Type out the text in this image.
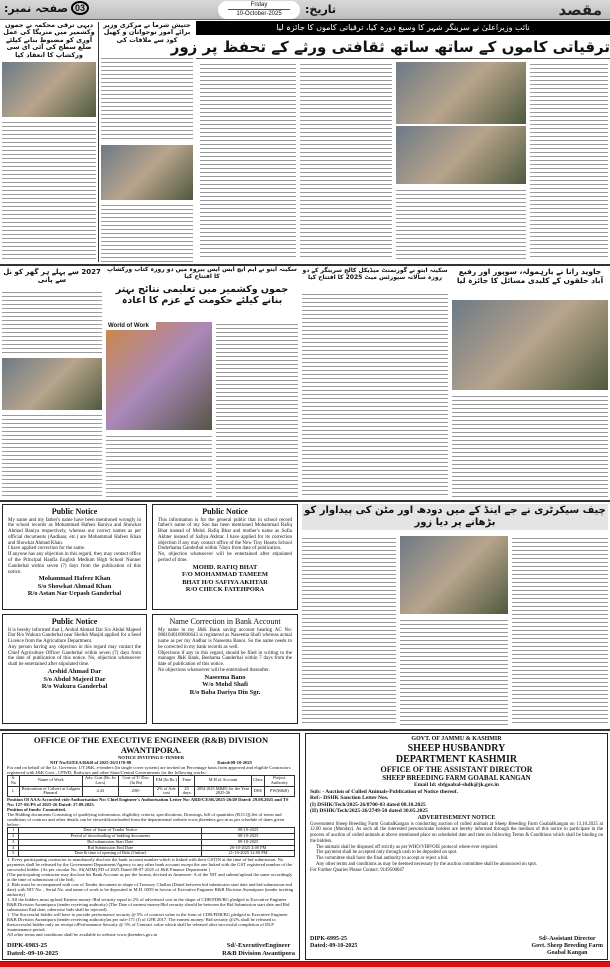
مقصد
تاریخ:
Friday
10-October-2025
03
صفحہ نمبر:
نائب وزیراعلیٰ نے سرینگر شہر کا وسیع دورہ کیا، ترقیاتی کاموں کا جائزہ لیا
ترقیاتی کاموں کے ساتھ ساتھ ثقافتی ورثے کے تحفظ پر زور
دیہی ترقی محکمہ نے جموں وکشمیر میں منریگا کی عمل آوری کو مضبوط بنانے کیلئے ضلع سطح کی آئی ای سی ورکشاپ کا انعقاد کیا
جتیش شرما نے مرکزی وزیر برائے امور نوجوانان و کھیل کود سے ملاقات کی
2027 سے پہلے ہر گھر کو نل سے پانی
سکینہ ایتو نے ایم ایچ ایس ایس بیروہ میں دو روزہ کتاب ورکشاپ کا افتتاح کیا
جموں وکشمیر میں تعلیمی نتائج بہتر بنانے کیلئے حکومت کے عزم کا اعادہ
World of Work
سکینہ ایتو نے گورنمنٹ میڈیکل کالج سرینگر کے دو روزہ سالانہ سپورٹس میٹ 2025 کا افتتاح کیا
جاوید رانا نے بارہمولہ، سوپور اور رفیع آباد حلقوں کے کلیدی مسائل کا جائزہ لیا
Public Notice

My name and my father's name have been mentioned wrongly in the school records as Mohammad Hafeez Baniya and Showkat Ahmad Baniya respectively, whereas our correct names as per official documents (Aadhaar, etc.) are Mohammad Hafeez Khan and Showkat Ahmad Khan.

I have applied correction for the same.

If anyone has any objection in this regard, they may contact office of the Principal Hanfia English Medium High School Nunner Ganderbal within seven (7) days from the publication of this notice.

Mohammad Hafeez Khan
S/o Showkat Ahmad Khan
R/o Astan Nar Urpash Ganderbal
Public Notice

This information is for the general public that in school record father's name of my Son has been mentioned Mohammad Rafiq Bhat instead of Mohd. Rafiq Bhat and mother's name as Sofia Akhter instead of Safiya Akhtar. I have applied for its correction objection if any may contact office of the New Tiny Hearts School Duderhama Ganderbal within 7days from date of publication.

No, objection whatsoever will be entertained after stipulated period of time.

MOHD. RAFIQ BHAT
F/O MOHAMMAD TAMEEM
BHAT H/O SAFIYA AKHTAR
R/O CHECK FATEHPORA
Public Notice

It is hereby informed that I, Arshid Ahmad Dar S/o Abdul Majeed Dar R/o Wakura Ganderbal near Sheikh Masjid applied for a Seed Licence from the Agriculture Department.

Any person having any objection in this regard may contact the Chief Agriculture Officer Ganderbal within seven (7) days from the date of publication of this notice. No, objection whatsoever shall be entertained after stipulated time.

Arshid Ahmad Dar
S/o Abdul Majeed Dar
R/o Wakura Ganderbal
Name Correction in Bank Account

My name in my J&K Bank saving account bearing AC No: 0081040109006643 is registered as Naseema Shafi whereas actual name as per my Aadhar is Naseema Banoi. So the name needs to be corrected in my bank records as well.

Objections if any in this regard, should be filed in writing to the manager J&K Bank, Beehama Ganderbal within 7 days from the date of publication of this notice.

No objections whatsoever will be entertained thereafter.

Naseema Bano
W/o Mohd Shafi
R/o Baba Dariya Din Sgr.
چیف سیکرٹری نے جے اینڈ کے میں دودھ اور مٹن کی پیداوار کو بڑھانے پر دیا زور
OFFICE OF THE EXECUTIVE ENGINEER (R&B) DIVISION AWANTIPORA.
NOTICE INVITING E-TENDER
NIT No:82/EEA/R&B of 2025-26/5170-80	Dated:08-10-2025

For and on behalf of the Lt. Governor, UT J&K, e-tenders (In single cover system) are invited on Percentage basis from approved and eligible Contractors registered with J&K Govt., CPWD, Railways and other State/Central Governments for the following works:-

S. No	Name of Work	Adv. Cost (Rs. In Lacs)	Cost of T/ Doc. (In Rs)	EM (In Rs.)	Time	M.H of Account	Class	Project Authority
1.	Restoration of Culvert at Lalgam Pinnard.	4.43	200/-	2% of Adv cost	25 days	3054 (023 M&R) for the Year 2025-26	DEE	PW(R&B)

Position Of AAA:Accorded vide Authorisation No: Chief Engineer's Authorisation Letter No: ARD/CESK/2025-26/49 Dated: 29.08.2025 and TS No: 127-SE/PS of 2025-26 Dated: 27.09.2025.

Position of funds: Committed.

The Bidding documents Consisting of qualifying information, eligibility criteria, specifications, Drawings, bill of quantities (B.O.Q),Set of terms and conditions of contract and other details can be viewed/downloaded from the departmental website www.jktenders.gov.in as per schedule of dates given below-.

1	Date of Issue of Tender Notice	08-10-2025
2	Period of downloading of bidding documents	08-10-2025
3	Bid submission Start Date	09-10-2025
4	Bid Submission End Date	20-10-2025 4:00 PM
5	Date & time of opening of Bids (Online)	21-10-2025 12:00 PM

1. Every participating contractor to mandatorily disclose the bank account number which is linked with their GSTIN at the time of bid submission. No payments shall be released by the Government Department/Agency to any other bank account except the one linked with the GST registered number of the successful bidder. (As per circular No. 03(ADM) FD of 2025 Dated 08-07-2025 of J&K Finance Department )

(The participating contractor may disclose his Bank Account as per the format, devised as Annexure- A of the NIT and submit/upload the same accordingly at the time of submission of the bid).

2. Bids must be accompanied with cost of Tender document in shape of Treasury Challan (Dated between bid submission start date and bid submission end date) with NIT No. , Serial No. and name of work to be deposited in M.H. 0059 in favour of Executive Engineer R&B Division Awantipora (tender inviting authority)

1. All the bidders must upload Earnest money /Bid security equal to 2% of advertised cost in the shape of CDR/FDR/BG pledged to Executive Engineer R&B Division Awantipora (tender receiving authority) (The Date of earnest money/Bid security should be between the Bid Submission start date and Bid submission End date, otherwise bids shall be rejected).

1. The Successful bidder will have to provide performance security @ 5% of contract value in the form of CDR/FDR/BG pledged to Executive Engineer R&B Division Awantipora (tender receiving authority)as per rule-171 (I) of GFR 2017. The earnest money/ Bid security @2% shall be released to thesuccessful bidder only on receipt ofPerformance Security @ 5% of Contract value which shall be released after successful completion of DLP /maintenance period.

All other terms and conditions shall be available in website www.jktenders.gov.in

DIPK-6983-25
Dated:-09-10-2025
Sd/-ExecutiveEngineer
R&B Division Awantipora
GOVT. OF JAMMU & KASHMIR
SHEEP HUSBANDRY
DEPARTMENT KASHMIR
OFFICE OF THE ASSISTANT DIRECTOR
SHEEP BREEDING FARM GOABAL KANGAN
Email Id: sbfgoabal-shdk@jk.gov.in
Sub: - Auction of Culled Animals-Publication of Notice thereof.
Ref:- DSHK Sanction Letter Nos.
(I) DSHK/Tech/2025-26/8700-03 dated 08.10.2025
(II) DSHK/Tech/2025-26/2749-50 dated 30.05.2025
ADVERTISEMENT NOTICE

Government Sheep Breeding Farm GoabalKangan is conducting auction of culled animals at Sheep Breeding Farm GoabalKangan on 13.10.2025 at 12.00 noon (Monday). As such all the interested persons/stake holders are hereby informed through the medium of this notice to participate in the process of auction of culled animals at above mentioned place on scheduled date and time on following Terms & Conditions which shall be binding on the bidders.

The animals shall be disposed off strictly as per WHO/VHP/OIE protocol where ever required.

The payment shall be accepted only through cash to be deposited on spot.

The committee shall have the final authority to accept or reject a bid.

Any other terms and conditions as may be deemed necessary by the auction committee shall be announced on spot.

For Further Quaries Please Contact: 9149500047

DIPK-6995-25
Dated:-09-10-2025
Sd/-Assistant Director
Govt. Sheep Breeding Farm
Goabal Kangan
